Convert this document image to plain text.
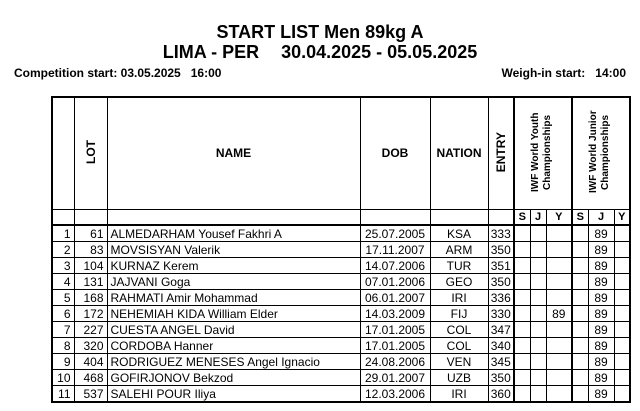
START LIST Men 89kg A
LIMA - PER 30.04.2025 - 05.05.2025
Competition start: 03.05.2025 16:00	Weigh-in start: 14:00
	LOT	NAME	DOB	NATION	ENTRY	IWF World Youth Championships			IWF World Junior Championships		
						S	J	Y	S	J	Y
1	61	ALMEDARHAM Yousef Fakhri A	25.07.2005	KSA	333					89	
2	83	MOVSISYAN Valerik	17.11.2007	ARM	350					89	
3	104	KURNAZ Kerem	14.07.2006	TUR	351					89	
4	131	JAJVANI Goga	07.01.2006	GEO	350					89	
5	168	RAHMATI Amir Mohammad	06.01.2007	IRI	336					89	
6	172	NEHEMIAH KIDA William Elder	14.03.2009	FIJ	330			89		89	
7	227	CUESTA ANGEL David	17.01.2005	COL	347					89	
8	320	CORDOBA Hanner	17.01.2005	COL	340					89	
9	404	RODRIGUEZ MENESES Angel Ignacio	24.08.2006	VEN	345					89	
10	468	GOFIRJONOV Bekzod	29.01.2007	UZB	350					89	
11	537	SALEHI POUR Iliya	12.03.2006	IRI	360					89	
